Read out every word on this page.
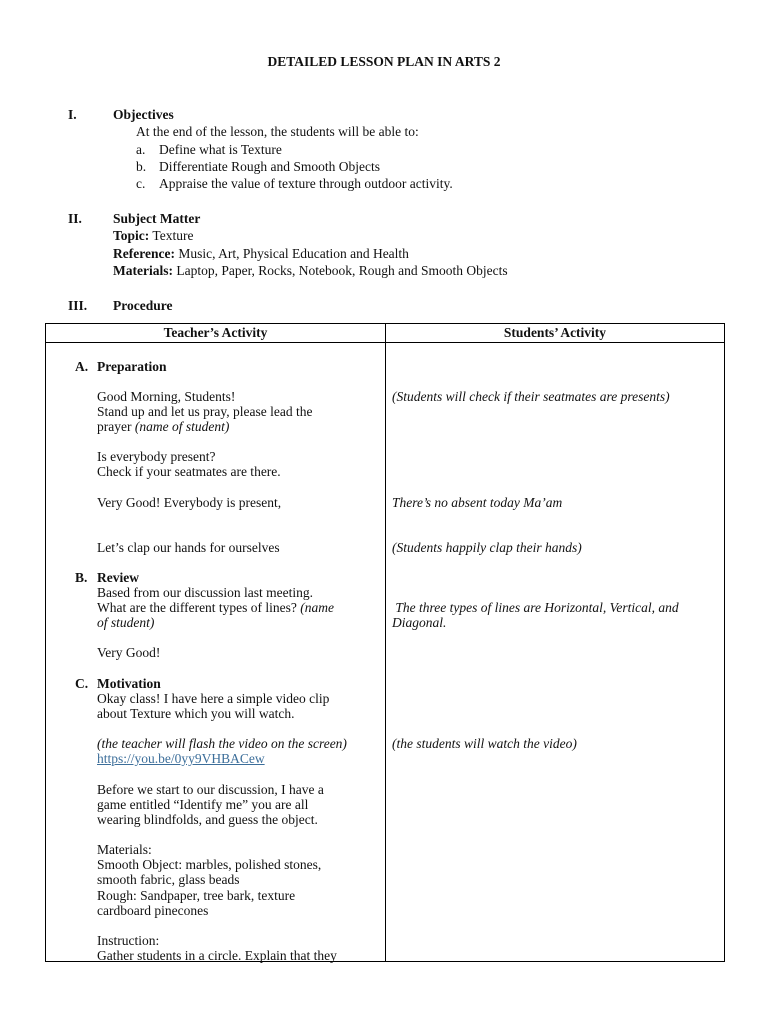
DETAILED LESSON PLAN IN ARTS 2
I.	Objectives
At the end of the lesson, the students will be able to:
a. Define what is Texture
b. Differentiate Rough and Smooth Objects
c. Appraise the value of texture through outdoor activity.
II. Subject Matter
Topic: Texture
Reference: Music, Art, Physical Education and Health
Materials: Laptop, Paper, Rocks, Notebook, Rough and Smooth Objects
III. Procedure
Teacher’s Activity	Students’ Activity
A. Preparation
Good Morning, Students!
Stand up and let us pray, please lead the
prayer (name of student)
Is everybody present?
Check if your seatmates are there.
Very Good! Everybody is present,
Let’s clap our hands for ourselves
(Students will check if their seatmates are presents)
There’s no absent today Ma’am
(Students happily clap their hands)
B. Review
Based from our discussion last meeting.
What are the different types of lines? (name
of student)
Very Good!
The three types of lines are Horizontal, Vertical, and
Diagonal.
C. Motivation
Okay class! I have here a simple video clip
about Texture which you will watch.
(the teacher will flash the video on the screen)
https://you.be/0yy9VHBACew
Before we start to our discussion, I have a
game entitled “Identify me” you are all
wearing blindfolds, and guess the object.
Materials:
Smooth Object: marbles, polished stones,
smooth fabric, glass beads
Rough: Sandpaper, tree bark, texture
cardboard pinecones
Instruction:
Gather students in a circle. Explain that they
(the students will watch the video)
